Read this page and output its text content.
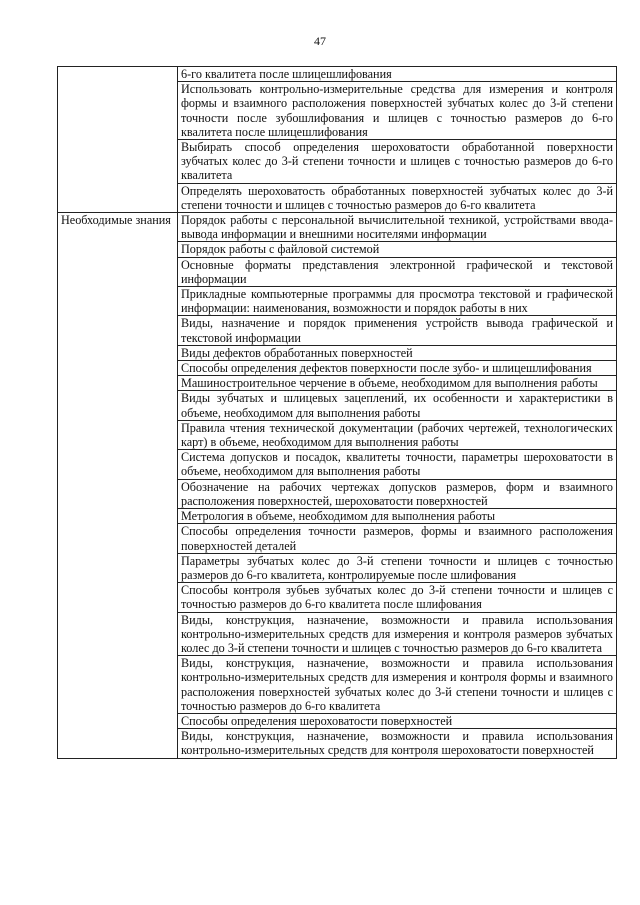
47
	6-го квалитета после шлицешлифования
	Использовать контрольно-измерительные средства для измерения и контроля формы и взаимного расположения поверхностей зубчатых колес до 3-й степени точности после зубошлифования и шлицев с точностью размеров до 6-го квалитета после шлицешлифования
	Выбирать способ определения шероховатости обработанной поверхности зубчатых колес до 3-й степени точности и шлицев с точностью размеров до 6-го квалитета
	Определять шероховатость обработанных поверхностей зубчатых колес до 3-й степени точности и шлицев с точностью размеров до 6-го квалитета
Необходимые знания	Порядок работы с персональной вычислительной техникой, устройствами ввода-вывода информации и внешними носителями информации
	Порядок работы с файловой системой
	Основные форматы представления электронной графической и текстовой информации
	Прикладные компьютерные программы для просмотра текстовой и графической информации: наименования, возможности и порядок работы в них
	Виды, назначение и порядок применения устройств вывода графической и текстовой информации
	Виды дефектов обработанных поверхностей
	Способы определения дефектов поверхности после зубо- и шлицешлифования
	Машиностроительное черчение в объеме, необходимом для выполнения работы
	Виды зубчатых и шлицевых зацеплений, их особенности и характеристики в объеме, необходимом для выполнения работы
	Правила чтения технической документации (рабочих чертежей, технологических карт) в объеме, необходимом для выполнения работы
	Система допусков и посадок, квалитеты точности, параметры шероховатости в объеме, необходимом для выполнения работы
	Обозначение на рабочих чертежах допусков размеров, форм и взаимного расположения поверхностей, шероховатости поверхностей
	Метрология в объеме, необходимом для выполнения работы
	Способы определения точности размеров, формы и взаимного расположения поверхностей деталей
	Параметры зубчатых колес до 3-й степени точности и шлицев с точностью размеров до 6-го квалитета, контролируемые после шлифования
	Способы контроля зубьев зубчатых колес до 3-й степени точности и шлицев с точностью размеров до 6-го квалитета после шлифования
	Виды, конструкция, назначение, возможности и правила использования контрольно-измерительных средств для измерения и контроля размеров зубчатых колес до 3-й степени точности и шлицев с точностью размеров до 6-го квалитета
	Виды, конструкция, назначение, возможности и правила использования контрольно-измерительных средств для измерения и контроля формы и взаимного расположения поверхностей зубчатых колес до 3-й степени точности и шлицев с точностью размеров до 6-го квалитета
	Способы определения шероховатости поверхностей
	Виды, конструкция, назначение, возможности и правила использования контрольно-измерительных средств для контроля шероховатости поверхностей
